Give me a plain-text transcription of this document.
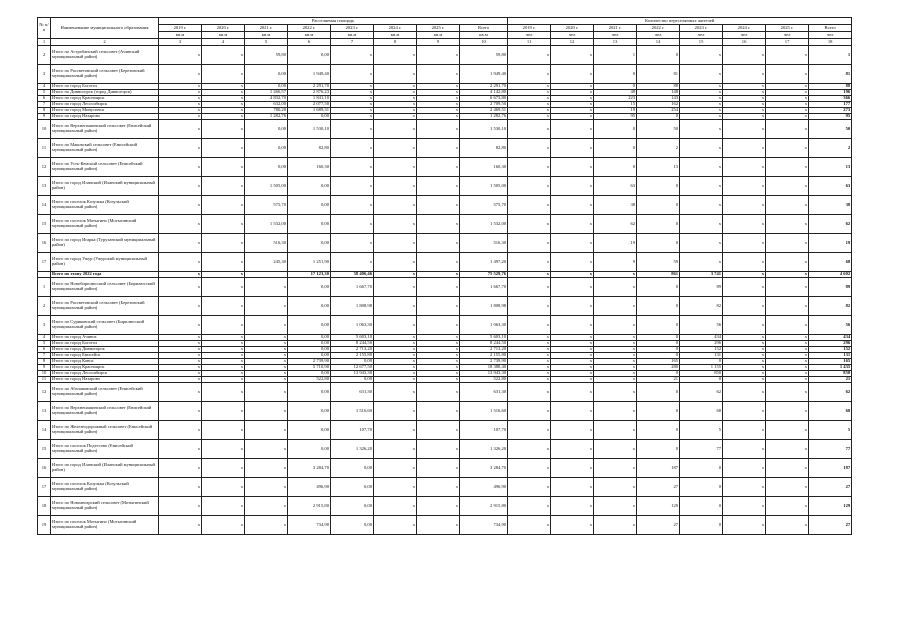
№ п/п	Наименование муниципального образования	Расселяемая площадь								Количество переселяемых жителей							
		2019 г.	2020 г.	2021 г.	2022 г.	2023 г.	2024 г.	2025 г.	Всего	2019 г.	2020 г.	2021 г.	2022 г.	2023 г.	2024 г.	2025 г.	Всего
		кв.м	кв.м	кв.м	кв.м	кв.м	кв.м	кв.м	кв.м	чел	чел	чел	чел	чел	чел	чел	чел
1	2	3	4	5	6	7	8	9	10	11	12	13	14	15	16	17	18
2	Итого по Астробанский сельсовет (Ачинский муниципальный район)	x	x	59,80	0,00	x	x	x	59,80	x	x	1	0	x	x	x	1
3	Итого по Рассветовский сельсовет (Березовский муниципальный район)	x	x	0,00	1 949,40	x	x	x	1 949,40	x	x	0	81	x	x	x	81
4	Итого по город Боготол	x	x	0,00	2 291,70	x	x	x	2 291,70	x	x	0	88	x	x	x	88
5	Итого по Дивногорск (город Дивногорск)	x	x	1 266,57	2 876,23	x	x	x	4 142,80	x	x	48	148	x	x	x	196
6	Итого по город Красноярск	x	x	4 832,70	1 841,10	x	x	x	6 673,80	x	x	223	143	x	x	x	366
7	Итого по город Лесосибирск	x	x	632,00	2 077,50	x	x	x	2 709,50	x	x	15	162	x	x	x	177
8	Итого по город Минусинск	x	x	780,20	1 689,31	x	x	x	2 469,51	x	x	19	254	x	x	x	273
9	Итого по город Назарово	x	x	1 282,76	0,00	x	x	x	1 282,76	x	x	95	0	x	x	x	95
10	Итого по Верхнепашинский сельсовет (Енисейский муниципальный район)	x	x	0,00	1 530,10	x	x	x	1 530,10	x	x	0	50	x	x	x	50
11	Итого по Маковский сельсовет (Енисейский муниципальный район)	x	x	0,00	82,80	x	x	x	82,80	x	x	0	2	x	x	x	2
12	Итого по Усть-Кемский сельсовет (Енисейский муниципальный район)	x	x	0,00	160,30	x	x	x	160,30	x	x	0	13	x	x	x	13
13	Итого по город Иланский (Иланский муниципальный район)	x	x	1 505,00	0,00	x	x	x	1 505,00	x	x	63	0	x	x	x	63
14	Итого по поселок Козулька (Козульский муниципальный район)	x	x	575,70	0,00	x	x	x	575,70	x	x	38	0	x	x	x	38
15	Итого по поселок Мотыгино (Мотыгинский муниципальный район)	x	x	1 532,00	0,00	x	x	x	1 532,00	x	x	62	0	x	x	x	62
16	Итого по город Игарка (Туруханский муниципальный район)	x	x	516,30	0,00	x	x	x	516,30	x	x	19	0	x	x	x	19
17	Итого по город Ужур (Ужурский муниципальный район)	x	x	245,30	1 251,90	x	x	x	1 497,20	x	x	9	59	x	x	x	68
	Всего по этапу 2022 года	x	x		17 123,30	58 406,46	x	x	75 529,76	x	x	x	861	3 741	x	x	4 602
1	Итого по Новобирилюсский сельсовет (Бирилюсский муниципальный район)	x	x	x	0,00	1 667,70	x	x	1 667,70	x	x	x	0	89	x	x	89
2	Итого по Рассветовский сельсовет (Березовский муниципальный район)	x	x	x	0,00	1 808,98	x	x	1 808,98	x	x	x	0	82	x	x	82
3	Итого по Суриковский сельсовет (Бирилюсский муниципальный район)	x	x	x	0,00	1 063,30	x	x	1 063,30	x	x	x	0	56	x	x	56
4	Итого по город Ачинск	x	x	x	0,00	5 603,10	x	x	5 603,10	x	x	x	0	434	x	x	434
5	Итого по город Боготол	x	x	x	0,00	8 244,50	x	x	8 244,50	x	x	x	0	296	x	x	296
6	Итого по город Дивногорск	x	x	x	0,00	2 713,20	x	x	2 713,20	x	x	x	0	152	x	x	152
7	Итого по город Енисейск	x	x	x	0,00	2 155,80	x	x	2 155,80	x	x	x	0	131	x	x	131
8	Итого по город Канск	x	x	x	2 739,90	0,00	x	x	2 739,90	x	x	x	165	0	x	x	165
9	Итого по город Красноярск	x	x	x	5 710,90	12 677,50	x	x	18 388,40	x	x	x	280	1 155	x	x	1 435
10	Итого по город Лесосибирск	x	x	x	0,00	13 943,30	x	x	13 943,30	x	x	x	0	850	x	x	850
11	Итого по город Назарово	x	x	x	522,80	0,00	x	x	522,80	x	x	x	21	0	x	x	21
12	Итого по Абалаковский сельсовет (Енисейский муниципальный район)	x	x	x	0,00	631,30	x	x	631,30	x	x	x	0	62	x	x	62
13	Итого по Верхнепашинский сельсовет (Енисейский муниципальный район)	x	x	x	0,00	1 516,60	x	x	1 516,60	x	x	x	0	68	x	x	68
14	Итого по Железнодорожный сельсовет (Енисейский муниципальный район)	x	x	x	0,00	107,70	x	x	107,70	x	x	x	0	5	x	x	5
15	Итого по поселок Подтесово (Енисейский муниципальный район)	x	x	x	0,00	1 326,20	x	x	1 326,20	x	x	x	0	77	x	x	77
16	Итого по город Иланский (Иланский муниципальный район)	x	x	x	3 284,70	0,00	x	x	3 284,70	x	x	x	187	0	x	x	187
17	Итого по поселок Козулька (Козульский муниципальный район)	x	x	x	496,90	0,00	x	x	496,90	x	x	x	27	0	x	x	27
18	Итого по Новоангарский сельсовет (Мотыгинский муниципальный район)	x	x	x	2 915,80	0,00	x	x	2 915,80	x	x	x	129	0	x	x	129
19	Итого по поселок Мотыгино (Мотыгинский муниципальный район)	x	x	x	734,90	0,00	x	x	734,90	x	x	x	27	0	x	x	27
